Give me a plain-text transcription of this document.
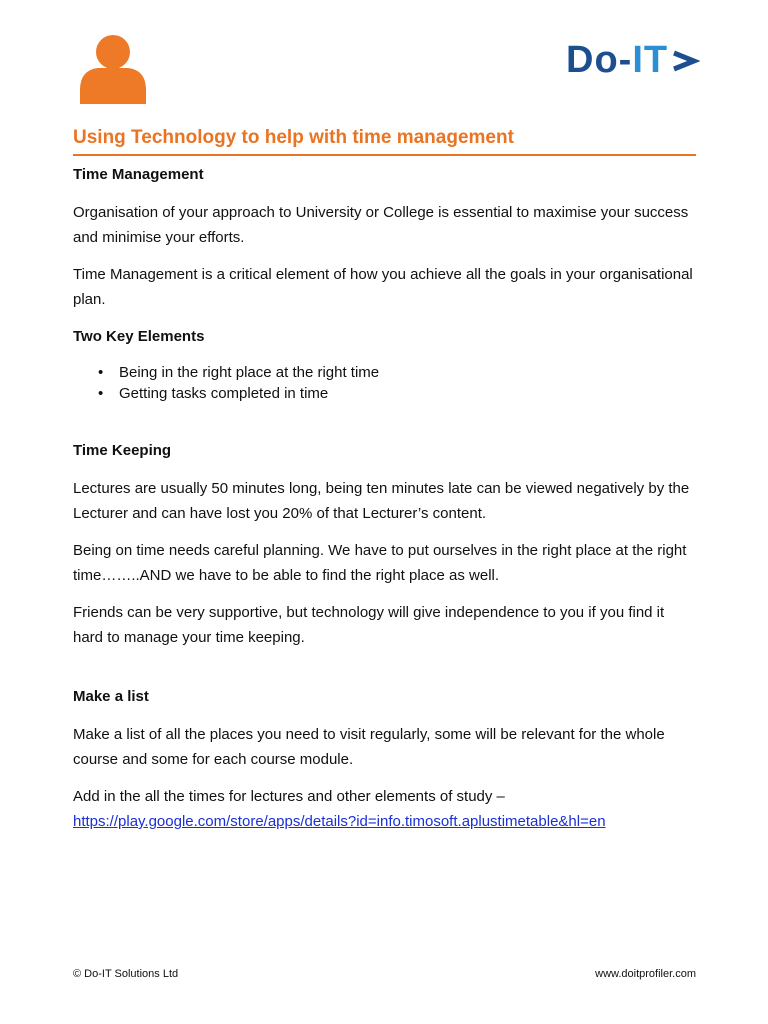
Do-IT
Using Technology to help with time management
Time Management

Organisation of your approach to University or College is essential to maximise your success and minimise your efforts.

Time Management is a critical element of how you achieve all the goals in your organisational plan.

Two Key Elements
• Being in the right place at the right time
• Getting tasks completed in time
Time Keeping

Lectures are usually 50 minutes long, being ten minutes late can be viewed negatively by the Lecturer and can have lost you 20% of that Lecturer’s content.

Being on time needs careful planning. We have to put ourselves in the right place at the right time……..AND we have to be able to find the right place as well.

Friends can be very supportive, but technology will give independence to you if you find it hard to manage your time keeping.

Make a list

Make a list of all the places you need to visit regularly, some will be relevant for the whole course and some for each course module.

Add in the all the times for lectures and other elements of study –
https://play.google.com/store/apps/details?id=info.timosoft.aplustimetable&hl=en

© Do-IT Solutions Ltd	www.doitprofiler.com
